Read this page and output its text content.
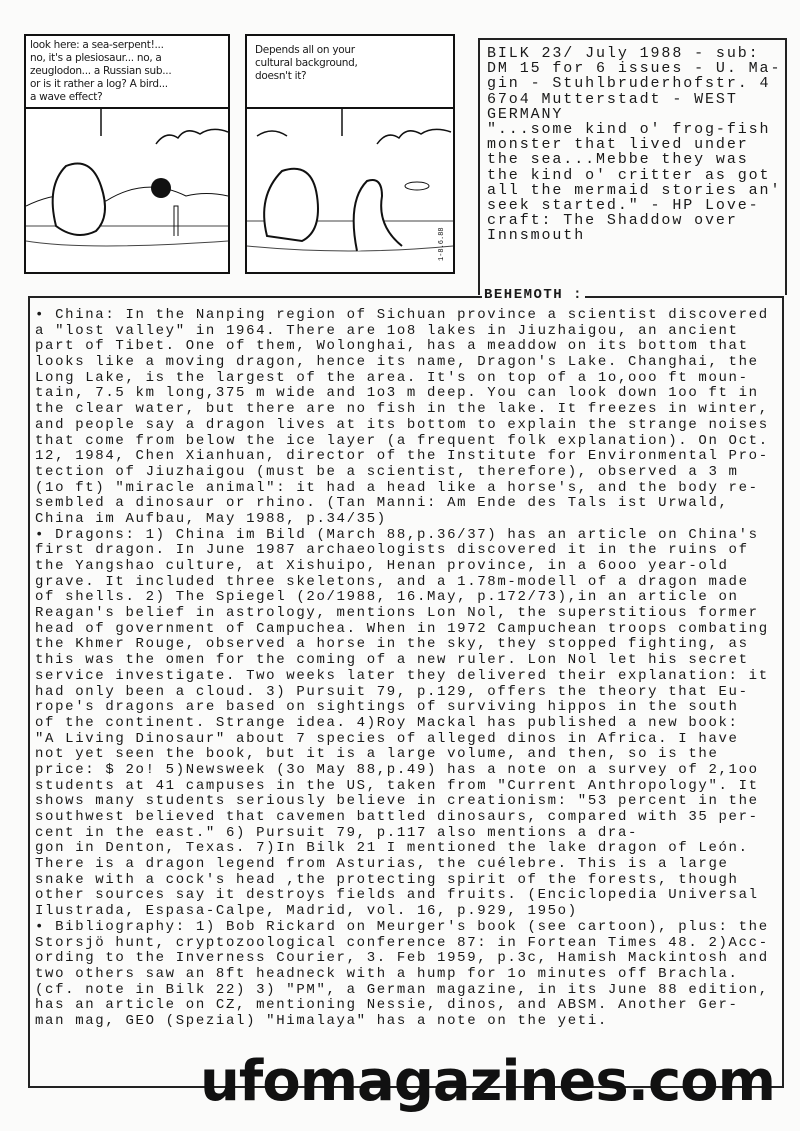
look here: a sea-serpent!...
no, it's a plesiosaur... no, a
zeuglodon... a Russian sub...
or is it rather a log? A bird...
a wave effect?
Depends all on your
cultural background,
doesn't it?
1-8.6.88
BILK 23/ July 1988 - sub:
DM 15 for 6 issues - U. Ma-
gin - Stuhlbruderhofstr. 4
67o4 Mutterstadt - WEST
GERMANY
"...some kind o' frog-fish
monster that lived under
the sea...Mebbe they was
the kind o' critter as got
all the mermaid stories an'
seek started." - HP Love-
craft: The Shaddow over
Innsmouth
• China: In the Nanping region of Sichuan province a scientist discovered
a "lost valley" in 1964. There are 1o8 lakes in Jiuzhaigou, an ancient
part of Tibet. One of them, Wolonghai, has a meaddow on its bottom that
looks like a moving dragon, hence its name, Dragon's Lake. Changhai, the
Long Lake, is the largest of the area. It's on top of a 1o,ooo ft moun-
tain, 7.5 km long,375 m wide and 1o3 m deep. You can look down 1oo ft in
the clear water, but there are no fish in the lake. It freezes in winter,
and people say a dragon lives at its bottom to explain the strange noises
that come from below the ice layer (a frequent folk explanation). On Oct.
12, 1984, Chen Xianhuan, director of the Institute for Environmental Pro-
tection of Jiuzhaigou (must be a scientist, therefore), observed a 3 m
(1o ft) "miracle animal": it had a head like a horse's, and the body re-
sembled a dinosaur or rhino. (Tan Manni: Am Ende des Tals ist Urwald,
China im Aufbau, May 1988, p.34/35)
• Dragons: 1) China im Bild (March 88,p.36/37) has an article on China's
first dragon. In June 1987 archaeologists discovered it in the ruins of
the Yangshao culture, at Xishuipo, Henan province, in a 6ooo year-old
grave. It included three skeletons, and a 1.78m-modell of a dragon made
of shells. 2) The Spiegel (2o/1988, 16.May, p.172/73),in an article on
Reagan's belief in astrology, mentions Lon Nol, the superstitious former
head of government of Campuchea. When in 1972 Campuchean troops combating
the Khmer Rouge, observed a horse in the sky, they stopped fighting, as
this was the omen for the coming of a new ruler. Lon Nol let his secret
service investigate. Two weeks later they delivered their explanation: it
had only been a cloud. 3) Pursuit 79, p.129, offers the theory that Eu-
rope's dragons are based on sightings of surviving hippos in the south
of the continent. Strange idea. 4)Roy Mackal has published a new book:
"A Living Dinosaur" about 7 species of alleged dinos in Africa. I have
not yet seen the book, but it is a large volume, and then, so is the
price: $ 2o! 5)Newsweek (3o May 88,p.49) has a note on a survey of 2,1oo
students at 41 campuses in the US, taken from "Current Anthropology". It
shows many students seriously believe in creationism: "53 percent in the
southwest believed that cavemen battled dinosaurs, compared with 35 per-
cent in the east." 6) Pursuit 79, p.117 also mentions a dra-
gon in Denton, Texas. 7)In Bilk 21 I mentioned the lake dragon of León.
There is a dragon legend from Asturias, the cuélebre. This is a large
snake with a cock's head ,the protecting spirit of the forests, though
other sources say it destroys fields and fruits. (Enciclopedia Universal
Ilustrada, Espasa-Calpe, Madrid, vol. 16, p.929, 195o)
• Bibliography: 1) Bob Rickard on Meurger's book (see cartoon), plus: the
Storsjö hunt, cryptozoological conference 87: in Fortean Times 48. 2)Acc-
ording to the Inverness Courier, 3. Feb 1959, p.3c, Hamish Mackintosh and
two others saw an 8ft headneck with a hump for 1o minutes off Brachla.
(cf. note in Bilk 22) 3) "PM", a German magazine, in its June 88 edition,
has an article on CZ, mentioning Nessie, dinos, and ABSM. Another Ger-
man mag, GEO (Spezial) "Himalaya" has a note on the yeti.
BEHEMOTH :
ufomagazines.com
